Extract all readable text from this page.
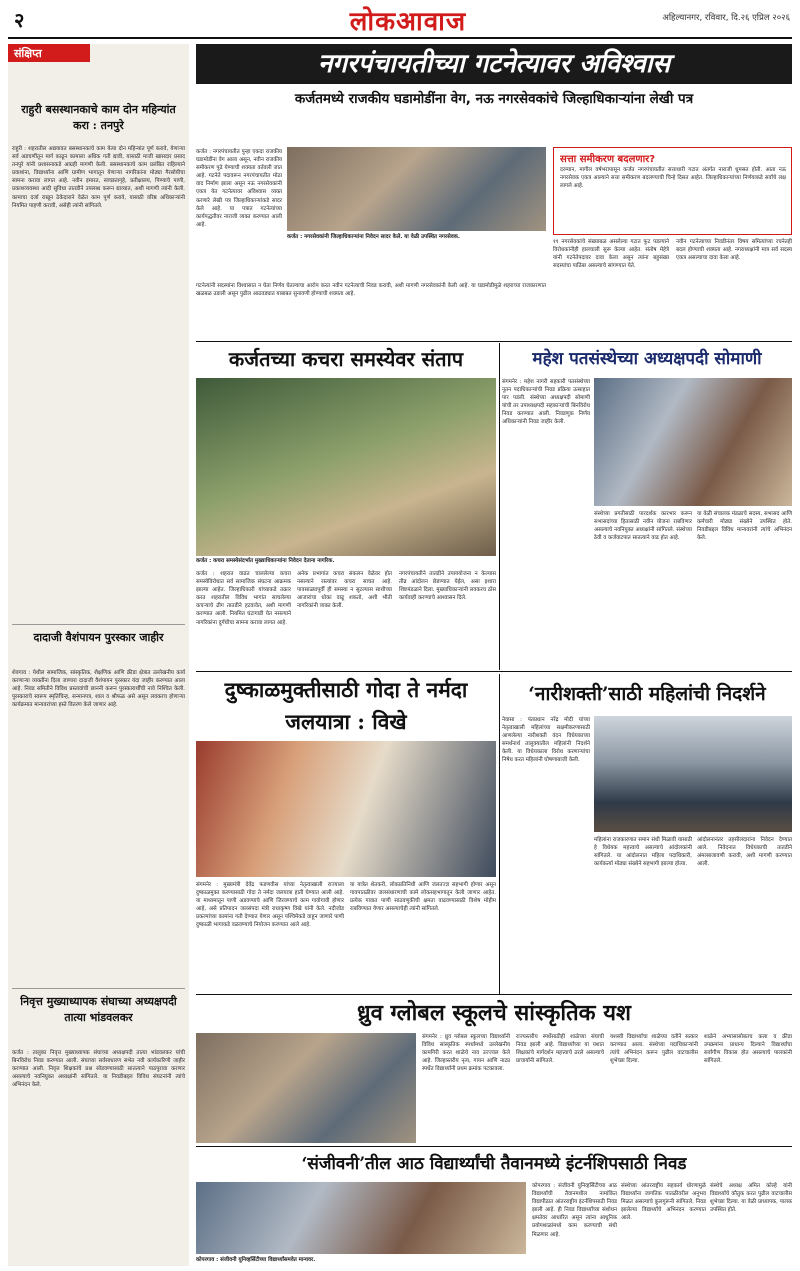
२	लोकआवाज	अहिल्यानगर, रविवार, दि.२६ एप्रिल २०२६
संक्षिप्त
राहुरी बसस्थानकाचे काम दोन महिन्यांत करा : तनपुरे
राहुरी : शहरातील अद्ययावत बसस्थानकाचे काम येत्या दोन महिन्यांत पूर्ण करावे, येणाऱ्या सर्व अडचणींतून मार्ग काढून कामाला अधिक गती द्यावी, यासाठी माजी खासदार प्रसाद तनपुरे यांनी प्रशासनाकडे आग्रही मागणी केली. बसस्थानकाचे काम प्रलंबित राहिल्याने प्रवाशांना, विद्यार्थ्यांना आणि ग्रामीण भागातून येणाऱ्या नागरिकांना मोठ्या गैरसोयीचा सामना करावा लागत आहे. नवीन इमारत, स्वच्छतागृहे, प्रतीक्षालय, पिण्याचे पाणी, प्रकाशव्यवस्था आदी सुविधा तातडीने उपलब्ध करून द्याव्यात, अशी मागणी त्यांनी केली. कामाचा दर्जा राखून ठेकेदाराने वेळेत काम पूर्ण करावे, यासाठी वरिष्ठ अधिकाऱ्यांनी नियमित पाहणी करावी, असेही त्यांनी सांगितले.
दादाजी वैशंपायन पुरस्कार जाहीर
शेवगाव : येथील सामाजिक, सांस्कृतिक, शैक्षणिक आणि क्रीडा क्षेत्रात उल्लेखनीय कार्य करणाऱ्या व्यक्तींना दिला जाणारा दादाजी वैशंपायन पुरस्कार यंदा जाहीर करण्यात आला आहे. निवड समितीने विविध प्रस्तावांची छाननी करून पुरस्कारार्थींची नावे निश्चित केली. पुरस्काराचे स्वरूप स्मृतिचिन्ह, सन्मानपत्र, शाल व श्रीफळ असे असून लवकरच होणाऱ्या कार्यक्रमात मान्यवरांच्या हस्ते वितरण केले जाणार आहे.
निवृत्त मुख्याध्यापक संघाच्या अध्यक्षपदी तात्या भांडवलकर
कर्जत : तालुका निवृत्त मुख्याध्यापक संघाच्या अध्यक्षपदी तात्या भांडवलकर यांची बिनविरोध निवड करण्यात आली. संघाच्या सर्वसाधारण सभेत नवी कार्यकारिणी जाहीर करण्यात आली. निवृत्त शिक्षकांचे प्रश्न सोडवण्यासाठी सातत्याने पाठपुरावा करणार असल्याचे नवनियुक्त अध्यक्षांनी सांगितले. या निवडीबद्दल विविध संघटनांनी त्यांचे अभिनंदन केले.
नगरपंचायतीच्या गटनेत्यावर अविश्वास
कर्जतमध्ये राजकीय घडामोडींना वेग, नऊ नगरसेवकांचे जिल्हाधिकाऱ्यांना लेखी पत्र
कर्जत : नगरपंचायतीत पुन्हा एकदा राजकीय घडामोडींना वेग आला असून, नवीन राजकीय समीकरण पुढे येण्याची शक्यता वर्तवली जात आहे. गटनेते पदावरून नगरपंचायतीत मोठा वाद निर्माण झाला असून नऊ नगरसेवकांनी एकत्र येत गटनेत्यावर अविश्वास व्यक्त करणारे लेखी पत्र जिल्हाधिकाऱ्यांकडे सादर केले आहे. या पत्रात गटनेत्यांच्या कार्यपद्धतीवर नाराजी व्यक्त करण्यात आली आहे.
गटनेत्यांनी सदस्यांना विश्वासात न घेता निर्णय घेतल्याचा आरोप करत नवीन गटनेत्याची निवड करावी, अशी मागणी नगरसेवकांनी केली आहे. या घडामोडीमुळे शहराच्या राजकारणात खळबळ उडाली असून पुढील आठवड्यात याबाबत सुनावणी होण्याची शक्यता आहे.
कर्जत : नगरसेवकांनी जिल्हाधिकाऱ्यांना निवेदन सादर केले. या वेळी उपस्थित नगरसेवक.
सत्ता समीकरण बदलणार?
दरम्यान, मागील वर्षभरापासून कर्जत नगरपंचायतीत सत्ताधारी गटात अंतर्गत नाराजी धुमसत होती. आता नऊ नगरसेवक एकत्र आल्याने सत्ता समीकरण बदलण्याची चिन्हे दिसत आहेत. जिल्हाधिकाऱ्यांच्या निर्णयाकडे सर्वांचे लक्ष लागले आहे.
११ नगरसेवकांचे संख्याबळ असलेल्या गटात फूट पडल्याने विरोधकांनीही हालचाली सुरू केल्या आहेत. संतोष मेहेत्रे यांनी गटनेतेपदावर दावा केला असून त्यांना बहुसंख्य सदस्यांचा पाठिंबा असल्याचे सांगण्यात येते.
नवीन गटनेत्याच्या निवडीनंतर विषय समित्यांच्या रचनेतही बदल होण्याची शक्यता आहे. नगराध्यक्षांनी मात्र सर्व सदस्य एकत्र असल्याचा दावा केला आहे.
कर्जतच्या कचरा समस्येवर संताप
कर्जत : कचरा समस्येसंदर्भात मुख्याधिकाऱ्यांना निवेदन देताना नागरिक.
कर्जत : शहरात वाढत चाललेल्या कचरा समस्येविरोधात सर्व सामाजिक संघटना आक्रमक झाल्या आहेत. जिल्हाधिकारी यांच्याकडे तक्रार करत शहरातील विविध भागांत साचलेल्या कचऱ्याचे ढीग तातडीने हटवावेत, अशी मागणी करण्यात आली. नियमित घंटागाडी येत नसल्याने नागरिकांना दुर्गंधीचा सामना करावा लागत आहे.
अनेक प्रभागांत कचरा संकलन वेळेवर होत नसल्याने रस्त्यांवर कचरा साचत आहे. पावसाळ्यापूर्वी ही समस्या न सुटल्यास साथीच्या आजारांचा धोका वाढू शकतो, अशी भीती नागरिकांनी व्यक्त केली.
नगरपंचायतीने तातडीने उपाययोजना न केल्यास तीव्र आंदोलन छेडण्यात येईल, असा इशारा शिष्टमंडळाने दिला. मुख्याधिकाऱ्यांनी लवकरच ठोस कार्यवाही करण्याचे आश्वासन दिले.
महेश पतसंस्थेच्या अध्यक्षपदी सोमाणी
संगमनेर : महेश नागरी सहकारी पतसंस्थेच्या नूतन पदाधिकाऱ्यांची निवड प्रक्रिया उत्साहात पार पडली. संस्थेच्या अध्यक्षपदी सोमाणी यांची तर उपाध्यक्षपदी सहकाऱ्यांची बिनविरोध निवड करण्यात आली. निवडणूक निर्णय अधिकाऱ्यांनी निवड जाहीर केली.
संस्थेच्या प्रगतीसाठी पारदर्शक कारभार करून सभासदांच्या हितासाठी नवीन योजना राबविणार असल्याचे नवनियुक्त अध्यक्षांनी सांगितले. संस्थेच्या ठेवी व कर्जवाटपात सातत्याने वाढ होत आहे.
या वेळी संचालक मंडळाचे सदस्य, सभासद आणि कर्मचारी मोठ्या संख्येने उपस्थित होते. निवडीबद्दल विविध मान्यवरांनी त्यांचे अभिनंदन केले.
दुष्काळमुक्तीसाठी गोदा ते नर्मदा जलयात्रा : विखे
संगमनेर : मुख्यमंत्री देवेंद्र फडणवीस यांच्या नेतृत्वाखाली राज्याला दुष्काळमुक्त करण्यासाठी गोदा ते नर्मदा जलयात्रा हाती घेण्यात आली आहे. या माध्यमातून पाणी अडवण्याचे आणि जिरवण्याचे काम गावोगावी होणार आहे, असे प्रतिपादन जलसंपदा मंत्री राधाकृष्ण विखे यांनी केले. नदीजोड प्रकल्पांच्या कामांना गती देण्यात येणार असून पश्चिमेकडे वाहून जाणारे पाणी दुष्काळी भागाकडे वळवण्याचे नियोजन करण्यात आले आहे.
या यात्रेत शेतकरी, लोकप्रतिनिधी आणि जलतज्ज्ञ सहभागी होणार असून गावपातळीवर जलसंधारणाची कामे लोकसहभागातून केली जाणार आहेत. प्रत्येक गावात पाणी साठवणुकीची क्षमता वाढवण्यासाठी विशेष मोहीम राबविण्यात येणार असल्याचेही त्यांनी सांगितले.
‘नारीशक्ती’साठी महिलांची निदर्शने
नेवासा : पंतप्रधान नरेंद्र मोदी यांच्या नेतृत्वाखाली महिलांच्या सक्षमीकरणासाठी आणलेल्या नारीशक्ती वंदन विधेयकाच्या समर्थनार्थ तालुक्यातील महिलांनी निदर्शने केली. या विधेयकाला विरोध करणाऱ्यांचा निषेध करत महिलांनी घोषणाबाजी केली.
महिलांना राजकारणात समान संधी मिळावी यासाठी हे विधेयक महत्त्वाचे असल्याचे आंदोलकांनी सांगितले. या आंदोलनात महिला पदाधिकारी, कार्यकर्त्या मोठ्या संख्येने सहभागी झाल्या होत्या.
आंदोलनानंतर तहसीलदारांना निवेदन देण्यात आले. निवेदनात विधेयकाची तातडीने अंमलबजावणी करावी, अशी मागणी करण्यात आली.
ध्रुव ग्लोबल स्कूलचे सांस्कृतिक यश
संगमनेर : ध्रुव ग्लोबल स्कूलच्या विद्यार्थ्यांनी विविध सांस्कृतिक स्पर्धांमध्ये उल्लेखनीय कामगिरी करत शाळेचे नाव उज्ज्वल केले आहे. जिल्हास्तरीय नृत्य, गायन आणि नाट्य स्पर्धेत विद्यार्थ्यांनी प्रथम क्रमांक पटकावला.
राज्यस्तरीय स्पर्धेसाठीही शाळेच्या संघाची निवड झाली आहे. विद्यार्थ्यांच्या या यशात शिक्षकांचे मार्गदर्शन महत्त्वाचे ठरले असल्याचे प्राचार्यांनी सांगितले.
यशस्वी विद्यार्थ्यांचा शाळेच्या वतीने सत्कार करण्यात आला. संस्थेच्या पदाधिकाऱ्यांनी त्यांचे अभिनंदन करून पुढील वाटचालीस शुभेच्छा दिल्या.
शाळेने अभ्यासासोबतच कला व क्रीडा उपक्रमांना प्राधान्य दिल्याने विद्यार्थ्यांचा सर्वांगीण विकास होत असल्याचे पालकांनी सांगितले.
‘संजीवनी’तील आठ विद्यार्थ्यांची तैवानमध्ये इंटर्नशिपसाठी निवड
कोपरगाव : संजीवनी युनिव्हर्सिटीच्या विद्यार्थ्यांसमवेत मान्यवर.
कोपरगाव : संजीवनी युनिव्हर्सिटीच्या आठ विद्यार्थ्यांची तैवानमधील नामांकित विद्यापीठात आंतरराष्ट्रीय इंटर्नशिपसाठी निवड झाली आहे. ही निवड विद्यार्थ्यांच्या संशोधन क्षमतेवर आधारित असून त्यांना आधुनिक प्रयोगशाळांमध्ये काम करण्याची संधी मिळणार आहे.
संस्थेच्या आंतरराष्ट्रीय सहकार्य धोरणामुळे विद्यार्थ्यांना जागतिक पातळीवरील अनुभव मिळत असल्याचे कुलगुरूंनी सांगितले. निवड झालेल्या विद्यार्थ्यांचे अभिनंदन करण्यात आले.
संस्थेचे अध्यक्ष अमित कोल्हे यांनी विद्यार्थ्यांचे कौतुक करत पुढील वाटचालीस शुभेच्छा दिल्या. या वेळी प्राध्यापक, पालक उपस्थित होते.
